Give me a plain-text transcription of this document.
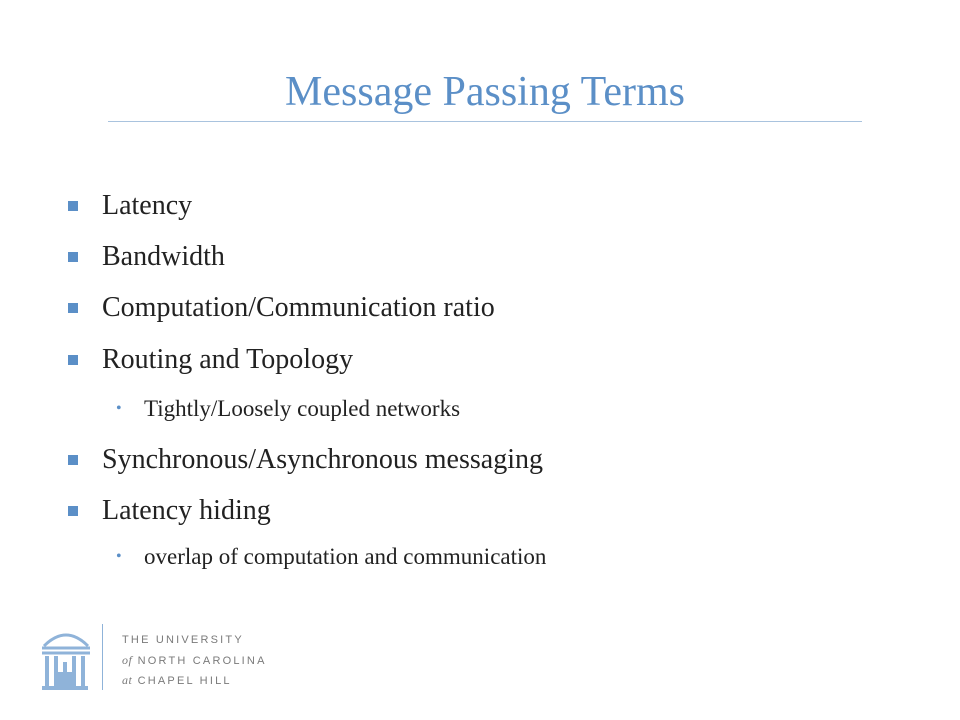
Message Passing Terms
Latency
Bandwidth
Computation/Communication ratio
Routing and Topology
• Tightly/Loosely coupled networks
Synchronous/Asynchronous messaging
Latency hiding
• overlap of computation and communication
THE UNIVERSITY
of NORTH CAROLINA
at CHAPEL HILL
